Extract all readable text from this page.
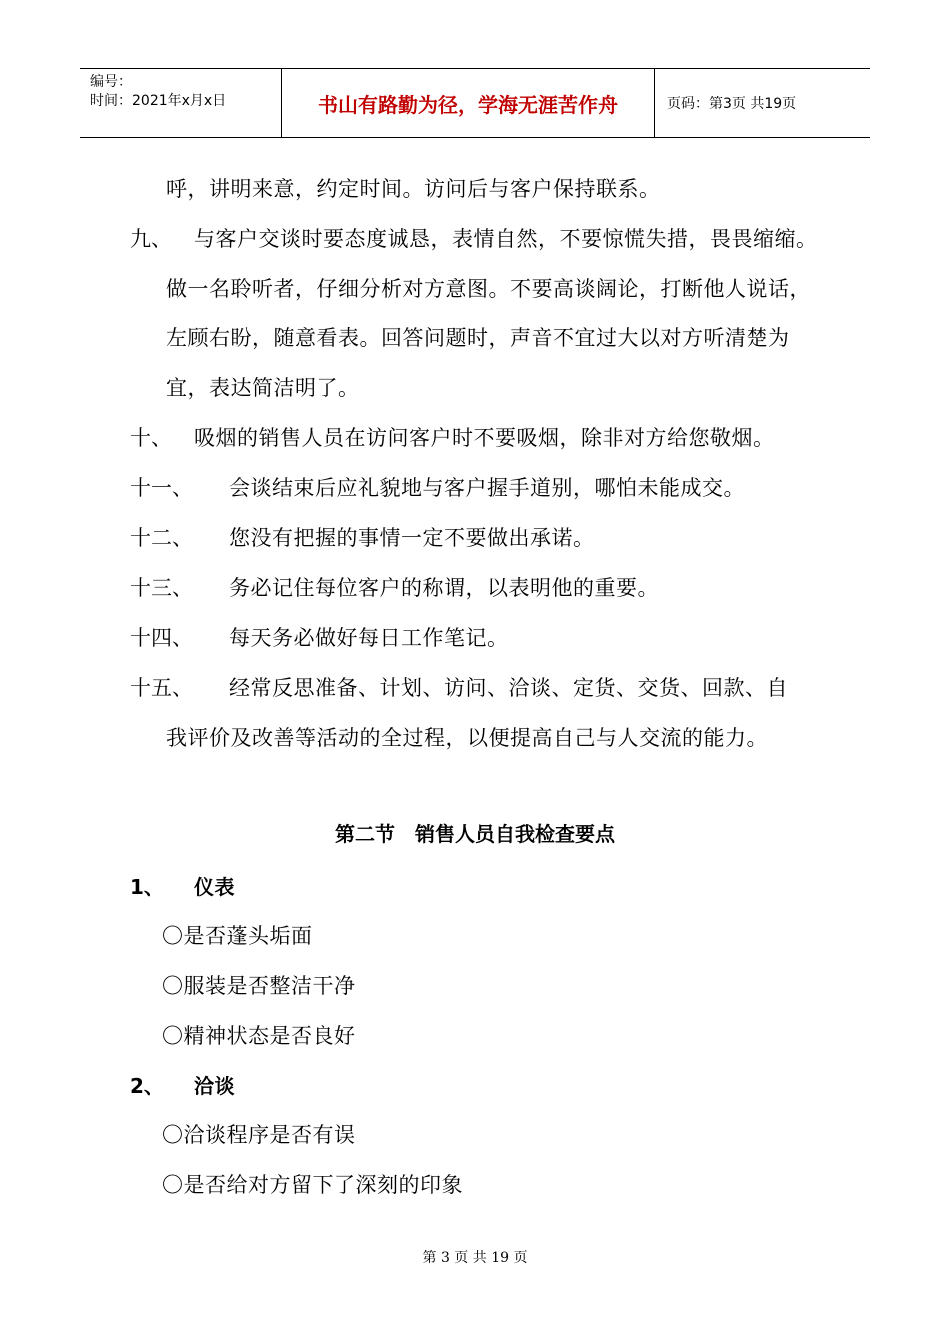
编号：
时间：2021年x月x日	书山有路勤为径，学海无涯苦作舟	页码：第3页 共19页
呼，讲明来意，约定时间。访问后与客户保持联系。
九、 与客户交谈时要态度诚恳，表情自然，不要惊慌失措，畏畏缩缩。
做一名聆听者，仔细分析对方意图。不要高谈阔论，打断他人说话，
左顾右盼，随意看表。回答问题时，声音不宜过大以对方听清楚为
宜，表达简洁明了。
十、 吸烟的销售人员在访问客户时不要吸烟，除非对方给您敬烟。
十一、 会谈结束后应礼貌地与客户握手道别，哪怕未能成交。
十二、 您没有把握的事情一定不要做出承诺。
十三、 务必记住每位客户的称谓，以表明他的重要。
十四、 每天务必做好每日工作笔记。
十五、 经常反思准备、计划、访问、洽谈、定货、交货、回款、自
我评价及改善等活动的全过程，以便提高自己与人交流的能力。
第二节　销售人员自我检查要点
1、 仪表
〇是否蓬头垢面
〇服装是否整洁干净
〇精神状态是否良好
2、 洽谈
〇洽谈程序是否有误
〇是否给对方留下了深刻的印象
第 3 页 共 19 页
